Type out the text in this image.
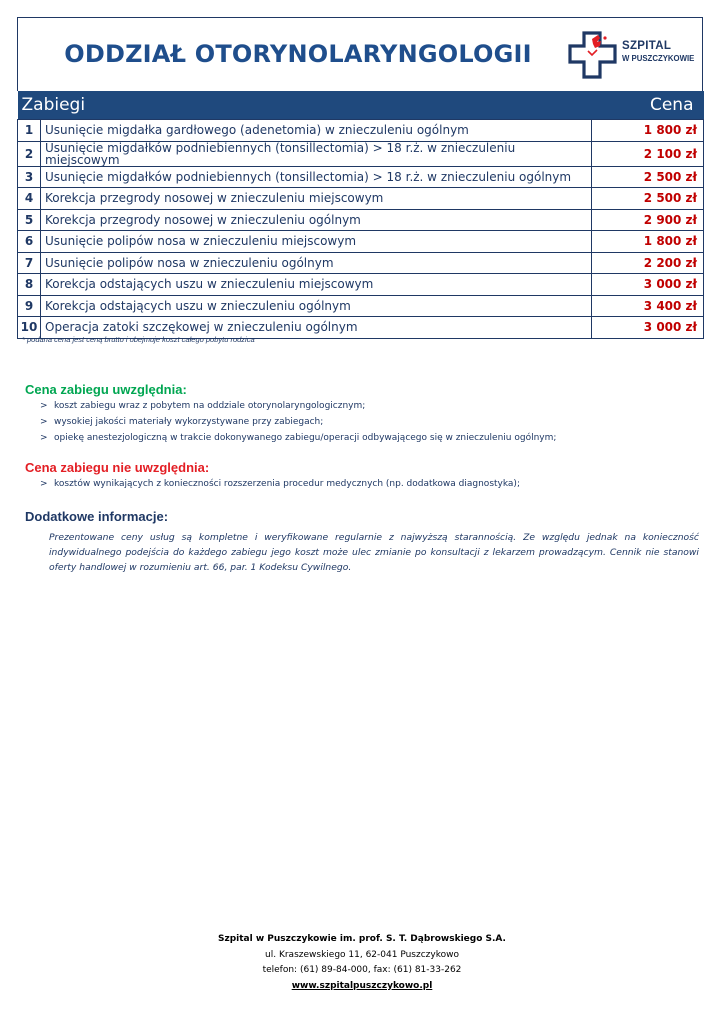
ODDZIAŁ OTORYNOLARYNGOLOGII	SZPITAL
W PUSZCZYKOWIE
Zabiegi		Cena
1	Usunięcie migdałka gardłowego (adenetomia) w znieczuleniu ogólnym	1 800 zł
2	Usunięcie migdałków podniebiennych (tonsillectomia) > 18 r.ż. w znieczuleniu miejscowym	2 100 zł
3	Usunięcie migdałków podniebiennych (tonsillectomia) > 18 r.ż. w znieczuleniu ogólnym	2 500 zł
4	Korekcja przegrody nosowej w znieczuleniu miejscowym	2 500 zł
5	Korekcja przegrody nosowej w znieczuleniu ogólnym	2 900 zł
6	Usunięcie polipów nosa w znieczuleniu miejscowym	1 800 zł
7	Usunięcie polipów nosa w znieczuleniu ogólnym	2 200 zł
8	Korekcja odstających uszu w znieczuleniu miejscowym	3 000 zł
9	Korekcja odstających uszu w znieczuleniu ogólnym	3 400 zł
10	Operacja zatoki szczękowej w znieczuleniu ogólnym	3 000 zł
* podana cena jest ceną brutto i obejmuje koszt całego pobytu rodzica
Cena zabiegu uwzględnia:
> koszt zabiegu wraz z pobytem na oddziale otorynolaryngologicznym;
> wysokiej jakości materiały wykorzystywane przy zabiegach;
> opiekę anestezjologiczną w trakcie dokonywanego zabiegu/operacji odbywającego się w znieczuleniu ogólnym;
Cena zabiegu nie uwzględnia:
> kosztów wynikających z konieczności rozszerzenia procedur medycznych (np. dodatkowa diagnostyka);
Dodatkowe informacje:
Prezentowane ceny usług są kompletne i weryfikowane regularnie z najwyższą starannością. Ze względu jednak na konieczność indywidualnego podejścia do każdego zabiegu jego koszt może ulec zmianie po konsultacji z lekarzem prowadzącym. Cennik nie stanowi oferty handlowej w rozumieniu art. 66, par. 1 Kodeksu Cywilnego.
Szpital w Puszczykowie im. prof. S. T. Dąbrowskiego S.A.
ul. Kraszewskiego 11, 62-041 Puszczykowo
telefon: (61) 89-84-000, fax: (61) 81-33-262
www.szpitalpuszczykowo.pl
